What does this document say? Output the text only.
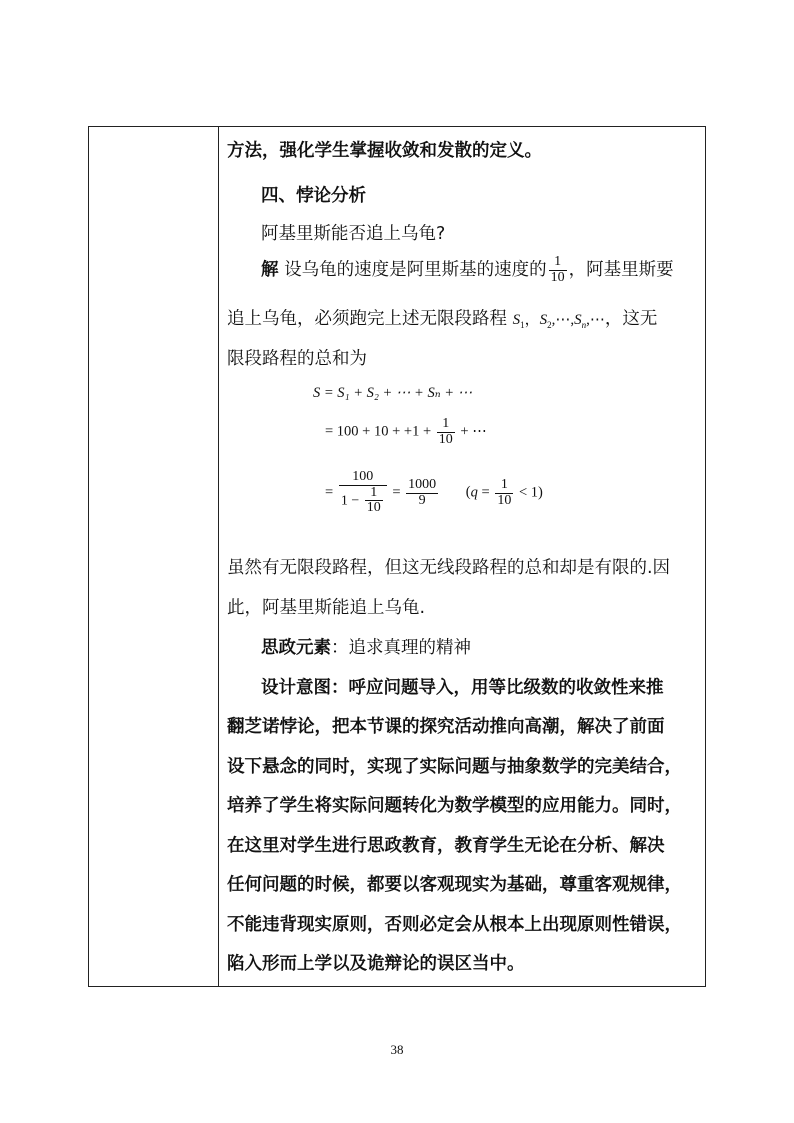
方法，强化学生掌握收敛和发散的定义。
四、悖论分析
阿基里斯能否追上乌龟?
解 设乌龟的速度是阿里斯基的速度的 $\frac{1}{10}$ ，阿基里斯要
追上乌龟，必须跑完上述无限段路程 $S_1$，$S_2,\cdots,S_n,\cdots$，这无
限段路程的总和为
S = S₁ + S₂ + ⋯ + Sₙ + ⋯
= $100 + 10 + +1 + \frac{1}{10}$ + ⋯
= $\frac{100}{1 - \frac{1}{10}} = \frac{1000}{9} (q = \frac{1}{10} < 1)$
虽然有无限段路程，但这无线段路程的总和却是有限的.因
此，阿基里斯能追上乌龟.
思政元素：追求真理的精神
设计意图：呼应问题导入，用等比级数的收敛性来推
翻芝诺悖论，把本节课的探究活动推向高潮，解决了前面
设下悬念的同时，实现了实际问题与抽象数学的完美结合，
培养了学生将实际问题转化为数学模型的应用能力。同时，
在这里对学生进行思政教育，教育学生无论在分析、解决
任何问题的时候，都要以客观现实为基础，尊重客观规律，
不能违背现实原则，否则必定会从根本上出现原则性错误，
陷入形而上学以及诡辩论的误区当中。
38
